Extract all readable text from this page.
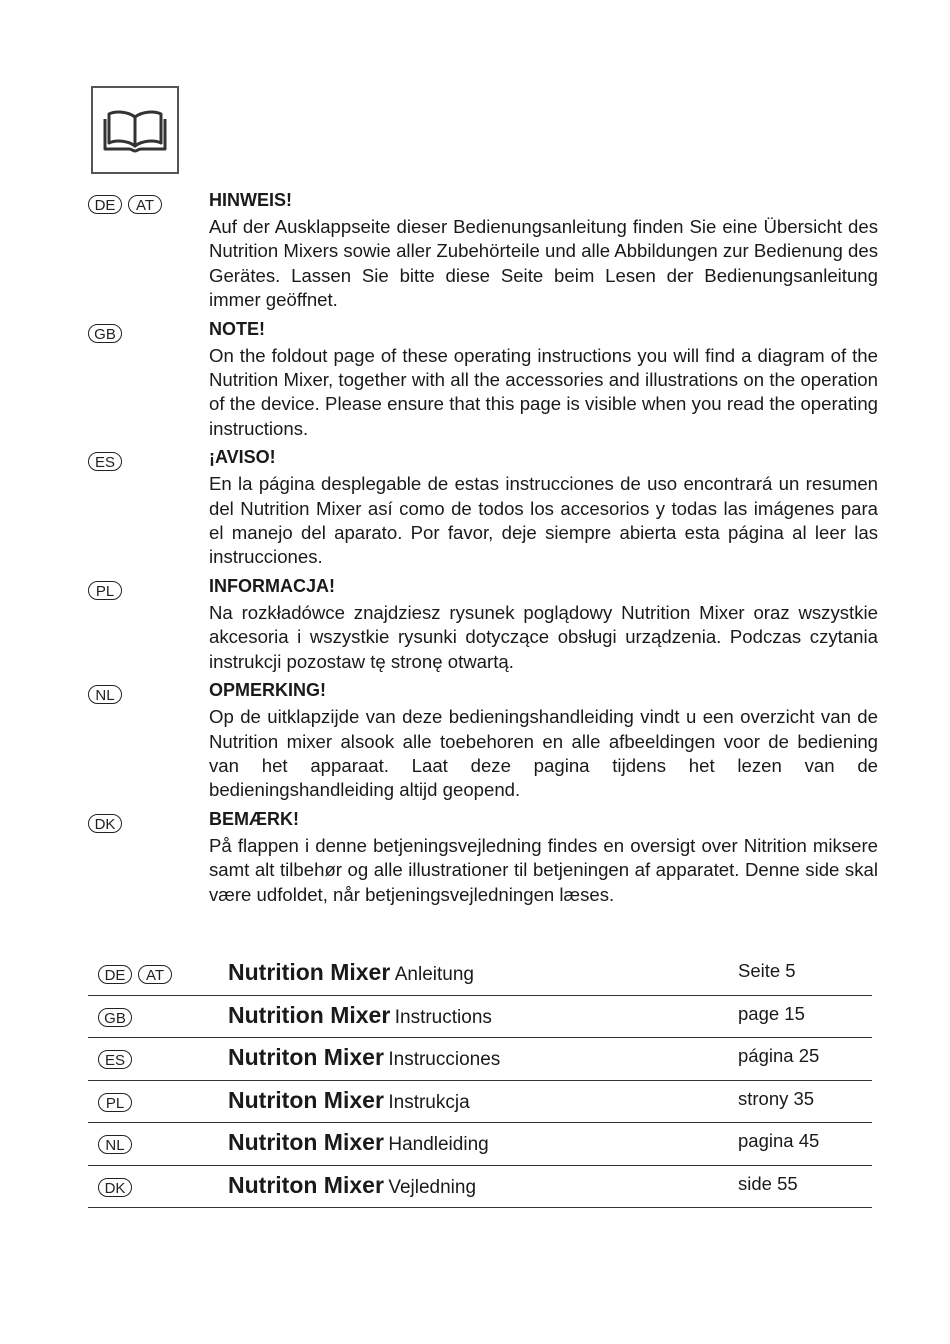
DE	AT	HINWEIS!
Auf der Ausklappseite dieser Bedienungsanleitung finden Sie eine Übersicht des Nutrition Mixers sowie aller Zubehörteile und alle Abbildungen zur Bedienung des Gerätes. Lassen Sie bitte diese Seite beim Lesen der Bedienungsanleitung immer geöffnet.
GB	NOTE!
On the foldout page of these operating instructions you will find a diagram of the Nutrition Mixer, together with all the accessories and illustrations on the operation of the device. Please ensure that this page is visible when you read the operating instructions.
ES	¡AVISO!
En la página desplegable de estas instrucciones de uso encontrará un resumen del Nutrition Mixer así como de todos los accesorios y todas las imágenes para el manejo del aparato. Por favor, deje siempre abierta esta página al leer las instrucciones.
PL	INFORMACJA!
Na rozkładówce znajdziesz rysunek poglądowy Nutrition Mixer oraz wszystkie akcesoria i wszystkie rysunki dotyczące obsługi urządzenia. Podczas czytania instrukcji pozostaw tę stronę otwartą.
NL	OPMERKING!
Op de uitklapzijde van deze bedieningshandleiding vindt u een overzicht van de Nutrition mixer alsook alle toebehoren en alle afbeeldingen voor de bediening van het apparaat. Laat deze pagina tijdens het lezen van de bedieningshandleiding altijd geopend.
DK	BEMÆRK!
På flappen i denne betjeningsvejledning findes en oversigt over Nitrition miksere samt alt tilbehør og alle illustrationer til betjeningen af apparatet. Denne side skal være udfoldet, når betjeningsvejledningen læses.
DE	AT	Nutrition Mixer Anleitung	Seite 5
GB	Nutrition Mixer Instructions	page 15
ES	Nutriton Mixer Instrucciones	página 25
PL	Nutriton Mixer Instrukcja	strony 35
NL	Nutriton Mixer Handleiding	pagina 45
DK	Nutriton Mixer Vejledning	side 55
